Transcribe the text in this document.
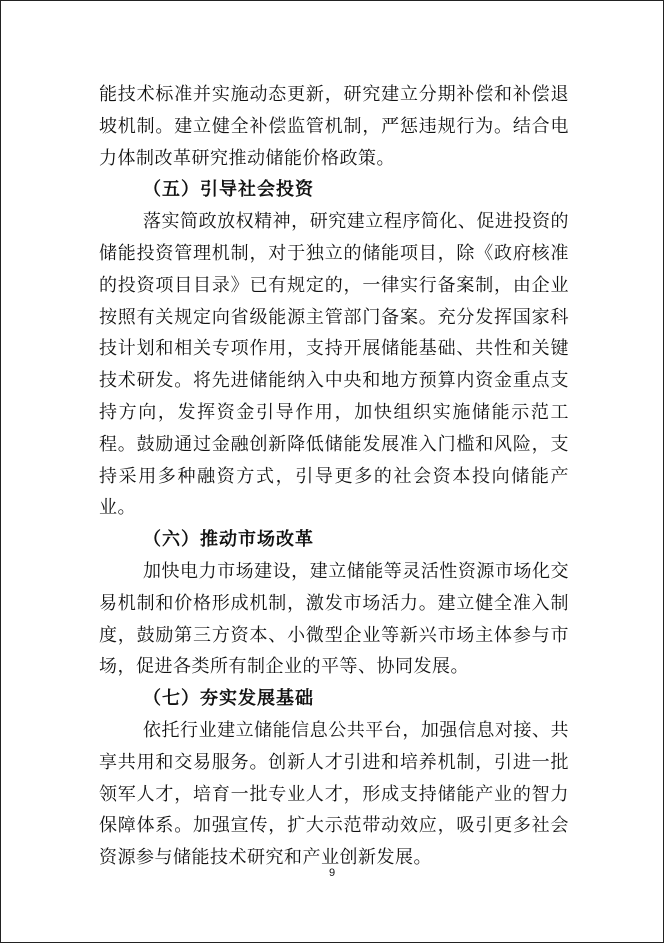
能技术标准并实施动态更新，研究建立分期补偿和补偿退坡机制。建立健全补偿监管机制，严惩违规行为。结合电力体制改革研究推动储能价格政策。

（五）引导社会投资

落实简政放权精神，研究建立程序简化、促进投资的储能投资管理机制，对于独立的储能项目，除《政府核准的投资项目目录》已有规定的，一律实行备案制，由企业按照有关规定向省级能源主管部门备案。充分发挥国家科技计划和相关专项作用，支持开展储能基础、共性和关键技术研发。将先进储能纳入中央和地方预算内资金重点支持方向，发挥资金引导作用，加快组织实施储能示范工程。鼓励通过金融创新降低储能发展准入门槛和风险，支持采用多种融资方式，引导更多的社会资本投向储能产业。

（六）推动市场改革

加快电力市场建设，建立储能等灵活性资源市场化交易机制和价格形成机制，激发市场活力。建立健全准入制度，鼓励第三方资本、小微型企业等新兴市场主体参与市场，促进各类所有制企业的平等、协同发展。

（七）夯实发展基础

依托行业建立储能信息公共平台，加强信息对接、共享共用和交易服务。创新人才引进和培养机制，引进一批领军人才，培育一批专业人才，形成支持储能产业的智力保障体系。加强宣传，扩大示范带动效应，吸引更多社会资源参与储能技术研究和产业创新发展。

9
